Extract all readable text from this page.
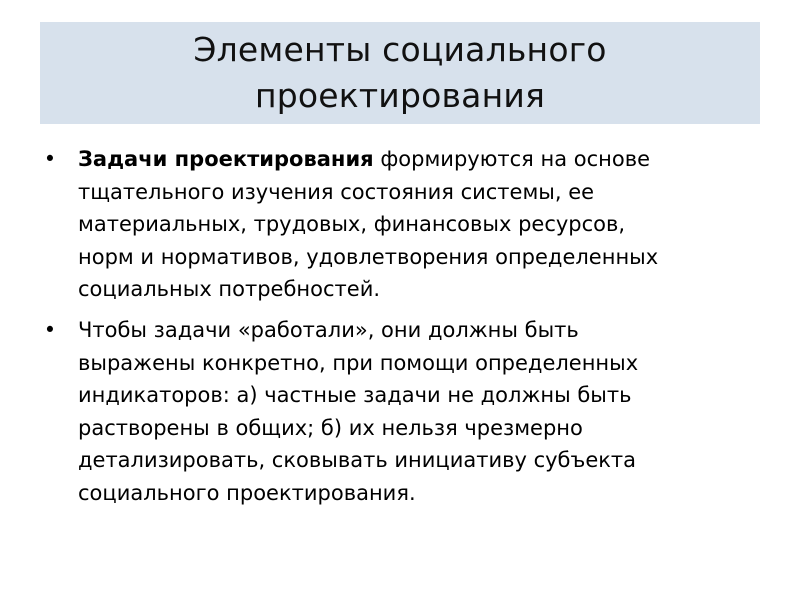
Элементы социального
проектирования
• Задачи проектирования формируются на основе
тщательного изучения состояния системы, ее
материальных, трудовых, финансовых ресурсов,
норм и нормативов, удовлетворения определенных
социальных потребностей.
• Чтобы задачи «работали», они должны быть
выражены конкретно, при помощи определенных
индикаторов: а) частные задачи не должны быть
растворены в общих; б) их нельзя чрезмерно
детализировать, сковывать инициативу субъекта
социального проектирования.
